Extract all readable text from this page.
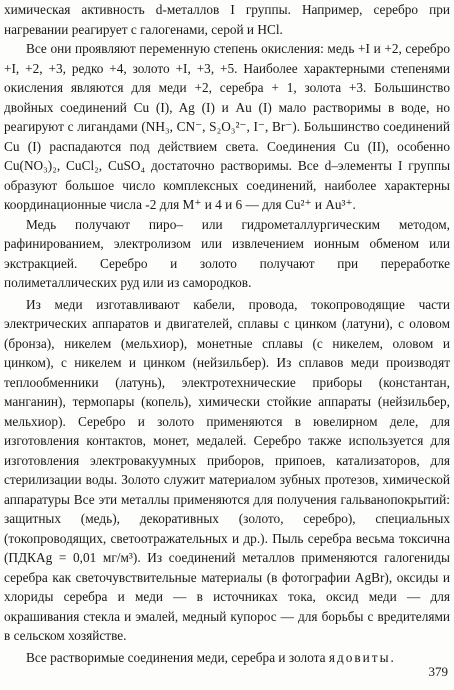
химическая активность d-металлов I группы. Например, серебро при нагревании реагирует с галогенами, серой и HCl.

Все они проявляют переменную степень окисления: медь +I и +2, серебро +I, +2, +3, редко +4, золото +I, +3, +5. Наиболее характерными степенями окисления являются для меди +2, серебра + 1, золота +3. Большинство двойных соединений Cu (I), Ag (I) и Au (I) мало растворимы в воде, но реагируют с лигандами (NH₃, CN⁻, S₂O₃²⁻, I⁻, Br⁻). Большинство соединений Cu (I) распадаются под действием света. Соединения Cu (II), особенно Cu(NO₃)₂, CuCl₂, CuSO₄ достаточно растворимы. Все d–элементы I группы образуют большое число комплексных соединений, наиболее характерны координационные числа -2 для M⁺ и 4 и 6 — для Cu²⁺ и Au³⁺.

Медь получают пиро– или гидрометаллургическим методом, рафинированием, электролизом или извлечением ионным обменом или экстракцией. Серебро и золото получают при переработке полиметаллических руд или из самородков.

Из меди изготавливают кабели, провода, токопроводящие части электрических аппаратов и двигателей, сплавы с цинком (латуни), с оловом (бронза), никелем (мельхиор), монетные сплавы (с никелем, оловом и цинком), с никелем и цинком (нейзильбер). Из сплавов меди производят теплообменники (латунь), электротехнические приборы (константан, манганин), термопары (копель), химически стойкие аппараты (нейзильбер, мельхиор). Серебро и золото применяются в ювелирном деле, для изготовления контактов, монет, медалей. Серебро также используется для изготовления электровакуумных приборов, припоев, катализаторов, для стерилизации воды. Золото служит материалом зубных протезов, химической аппаратуры Все эти металлы применяются для получения гальванопокрытий: защитных (медь), декоративных (золото, серебро), специальных (токопроводящих, светоотражательных и др.). Пыль серебра весьма токсична (ПДКAg = 0,01 мг/м³). Из соединений металлов применяются галогениды серебра как светочувствительные материалы (в фотографии AgBr), оксиды и хлориды серебра и меди — в источниках тока, оксид меди — для окрашивания стекла и эмалей, медный купорос — для борьбы с вредителями в сельском хозяйстве.

Все растворимые соединения меди, серебра и золота ядовиты.

379
